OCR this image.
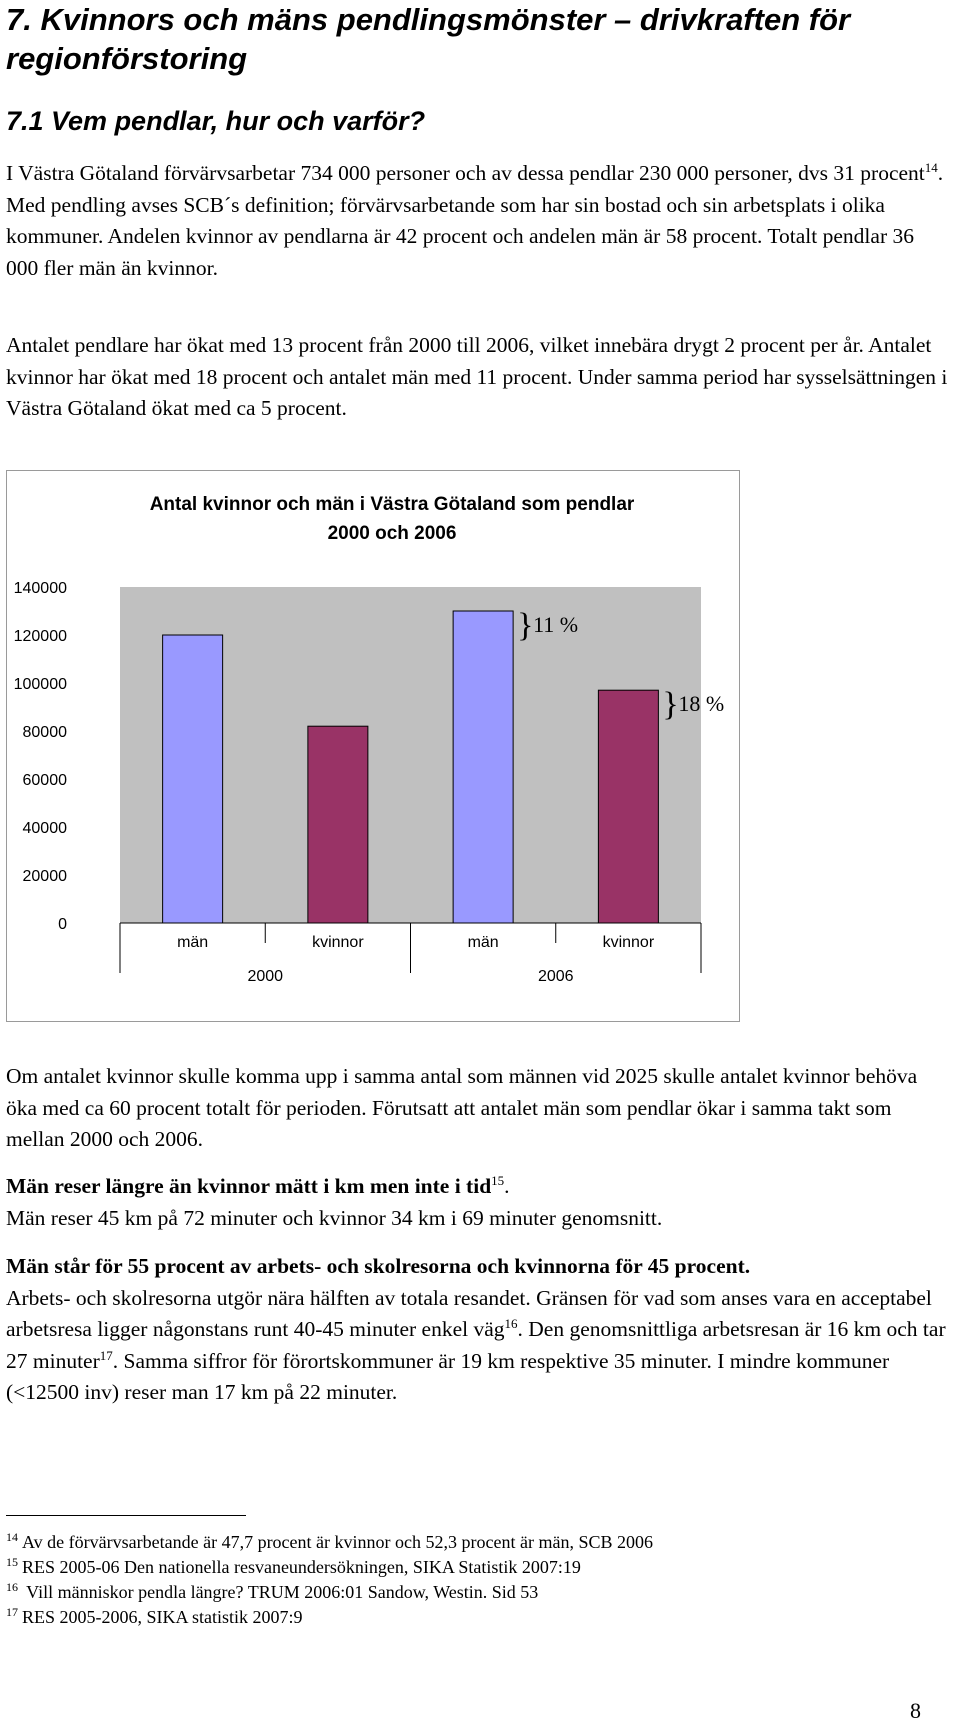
7. Kvinnors och mäns pendlingsmönster – drivkraften för regionförstoring
7.1 Vem pendlar, hur och varför?

I Västra Götaland förvärvsarbetar 734 000 personer och av dessa pendlar 230 000 personer, dvs 31 procent$^{14}$. Med pendling avses SCB´s definition; förvärvsarbetande som har sin bostad och sin arbetsplats i olika kommuner. Andelen kvinnor av pendlarna är 42 procent och andelen män är 58 procent. Totalt pendlar 36 000 fler män än kvinnor.

Antalet pendlare har ökat med 13 procent från 2000 till 2006, vilket innebära drygt 2 procent per år. Antalet kvinnor har ökat med 18 procent och antalet män med 11 procent. Under samma period har sysselsättningen i Västra Götaland ökat med ca 5 procent.

Antal kvinnor och män i Västra Götaland som pendlar 2000 och 2006
0
20000
40000
60000
80000
100000
120000
140000
män	kvinnor	män	kvinnor
2000	2006
} 11 %
} 18 %

Om antalet kvinnor skulle komma upp i samma antal som männen vid 2025 skulle antalet kvinnor behöva öka med ca 60 procent totalt för perioden. Förutsatt att antalet män som pendlar ökar i samma takt som mellan 2000 och 2006.

Män reser längre än kvinnor mätt i km men inte i tid$^{15}$.
Män reser 45 km på 72 minuter och kvinnor 34 km i 69 minuter genomsnitt.

Män står för 55 procent av arbets- och skolresorna och kvinnorna för 45 procent.
Arbets- och skolresorna utgör nära hälften av totala resandet. Gränsen för vad som anses vara en acceptabel arbetsresa ligger någonstans runt 40-45 minuter enkel väg$^{16}$. Den genomsnittliga arbetsresan är 16 km och tar 27 minuter$^{17}$. Samma siffror för förortskommuner är 19 km respektive 35 minuter. I mindre kommuner (<12500 inv) reser man 17 km på 22 minuter.

$^{14}$ Av de förvärvsarbetande är 47,7 procent är kvinnor och 52,3 procent är män, SCB 2006
$^{15}$ RES 2005-06 Den nationella resvaneundersökningen, SIKA Statistik 2007:19
$^{16}$ Vill människor pendla längre? TRUM 2006:01 Sandow, Westin. Sid 53
$^{17}$ RES 2005-2006, SIKA statistik 2007:9
8
